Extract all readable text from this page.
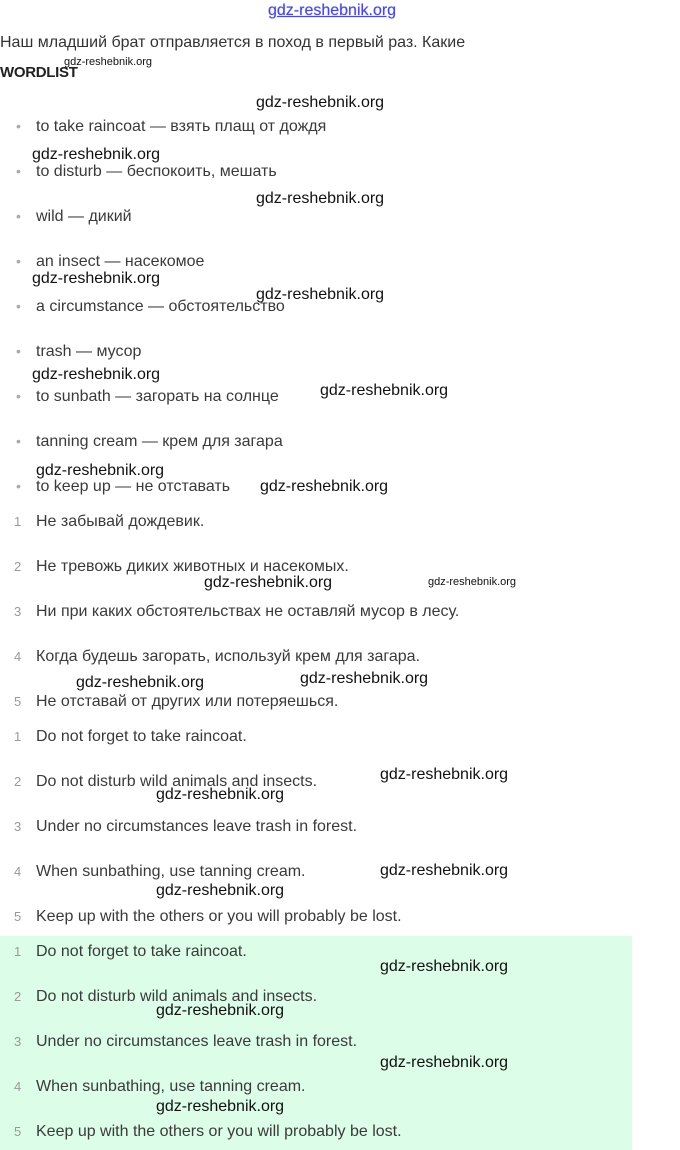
gdz-reshebnik.org
Наш младший брат отправляется в поход в первый раз. Какие
WORDLIST
• to take raincoat — взять плащ от дождя
• to disturb — беспокоить, мешать
• wild — дикий
• an insect — насекомое
• a circumstance — обстоятельство
• trash — мусор
• to sunbath — загорать на солнце
• tanning cream — крем для загара
• to keep up — не отставать
1 Не забывай дождевик.
2 Не тревожь диких животных и насекомых.
3 Ни при каких обстоятельствах не оставляй мусор в лесу.
4 Когда будешь загорать, используй крем для загара.
5 Не отставай от других или потеряешься.
1 Do not forget to take raincoat.
2 Do not disturb wild animals and insects.
3 Under no circumstances leave trash in forest.
4 When sunbathing, use tanning cream.
5 Keep up with the others or you will probably be lost.
1 Do not forget to take raincoat.
2 Do not disturb wild animals and insects.
3 Under no circumstances leave trash in forest.
4 When sunbathing, use tanning cream.
5 Keep up with the others or you will probably be lost.
gdz-reshebnik.org
gdz-reshebnik.org
gdz-reshebnik.org
gdz-reshebnik.org
gdz-reshebnik.org
gdz-reshebnik.org
gdz-reshebnik.org
gdz-reshebnik.org
gdz-reshebnik.org
gdz-reshebnik.org
gdz-reshebnik.org	gdz-reshebnik.org
gdz-reshebnik.org	gdz-reshebnik.org
gdz-reshebnik.org
gdz-reshebnik.org
gdz-reshebnik.org
gdz-reshebnik.org
gdz-reshebnik.org
gdz-reshebnik.org
gdz-reshebnik.org
gdz-reshebnik.org
